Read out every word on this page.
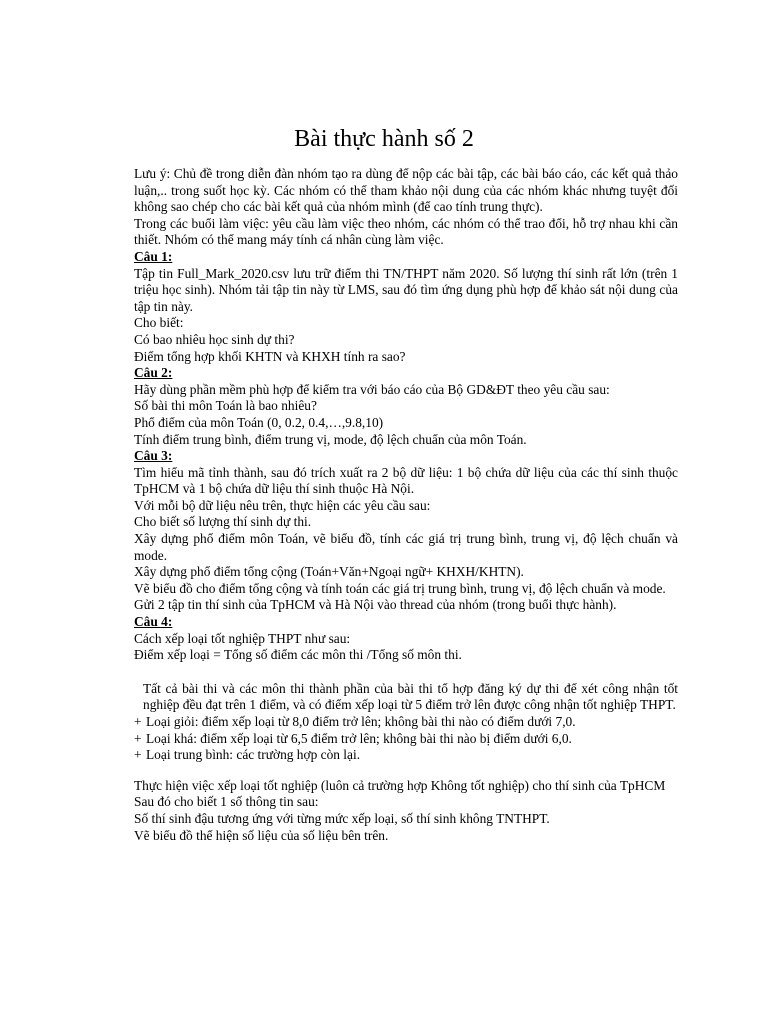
Bài thực hành số 2

Lưu ý: Chủ đề trong diễn đàn nhóm tạo ra dùng để nộp các bài tập, các bài báo cáo, các kết quả thảo luận,.. trong suốt học kỳ. Các nhóm có thể tham khảo nội dung của các nhóm khác nhưng tuyệt đối không sao chép cho các bài kết quả của nhóm mình (để cao tính trung thực).

Trong các buổi làm việc: yêu cầu làm việc theo nhóm, các nhóm có thể trao đổi, hỗ trợ nhau khi cần thiết. Nhóm có thể mang máy tính cá nhân cùng làm việc.

Câu 1:

Tập tin Full_Mark_2020.csv lưu trữ điểm thi TN/THPT năm 2020. Số lượng thí sinh rất lớn (trên 1 triệu học sinh). Nhóm tải tập tin này từ LMS, sau đó tìm ứng dụng phù hợp để khảo sát nội dung của tập tin này.

Cho biết:

Có bao nhiêu học sinh dự thi?

Điểm tổng hợp khối KHTN và KHXH tính ra sao?

Câu 2:

Hãy dùng phần mềm phù hợp để kiểm tra với báo cáo của Bộ GD&ĐT theo yêu cầu sau:

Số bài thi môn Toán là bao nhiêu?

Phổ điểm của môn Toán (0, 0.2, 0.4,…,9.8,10)

Tính điểm trung bình, điểm trung vị, mode, độ lệch chuẩn của môn Toán.

Câu 3:

Tìm hiểu mã tỉnh thành, sau đó trích xuất ra 2 bộ dữ liệu: 1 bộ chứa dữ liệu của các thí sinh thuộc TpHCM và 1 bộ chứa dữ liệu thí sinh thuộc Hà Nội.

Với mỗi bộ dữ liệu nêu trên, thực hiện các yêu cầu sau:

Cho biết số lượng thí sinh dự thi.

Xây dựng phổ điểm môn Toán, vẽ biểu đồ, tính các giá trị trung bình, trung vị, độ lệch chuẩn và mode.

Xây dựng phổ điểm tổng cộng (Toán+Văn+Ngoại ngữ+ KHXH/KHTN).

Vẽ biểu đồ cho điểm tổng cộng và tính toán các giá trị trung bình, trung vị, độ lệch chuẩn và mode.

Gửi 2 tập tin thí sinh của TpHCM và Hà Nội vào thread của nhóm (trong buổi thực hành).

Câu 4:

Cách xếp loại tốt nghiệp THPT như sau:

Điểm xếp loại = Tổng số điểm các môn thi /Tổng số môn thi.

Tất cả bài thi và các môn thi thành phần của bài thi tổ hợp đăng ký dự thi để xét công nhận tốt nghiệp đều đạt trên 1 điểm, và có điểm xếp loại từ 5 điểm trở lên được công nhận tốt nghiệp THPT.

+ Loại giỏi: điểm xếp loại từ 8,0 điểm trở lên; không bài thi nào có điểm dưới 7,0.

+ Loại khá: điểm xếp loại từ 6,5 điểm trở lên; không bài thi nào bị điểm dưới 6,0.

+ Loại trung bình: các trường hợp còn lại.

Thực hiện việc xếp loại tốt nghiệp (luôn cả trường hợp Không tốt nghiệp) cho thí sinh của TpHCM

Sau đó cho biết 1 số thông tin sau:

Số thí sinh đậu tương ứng với từng mức xếp loại, số thí sinh không TNTHPT.

Vẽ biểu đồ thể hiện số liệu của số liệu bên trên.
